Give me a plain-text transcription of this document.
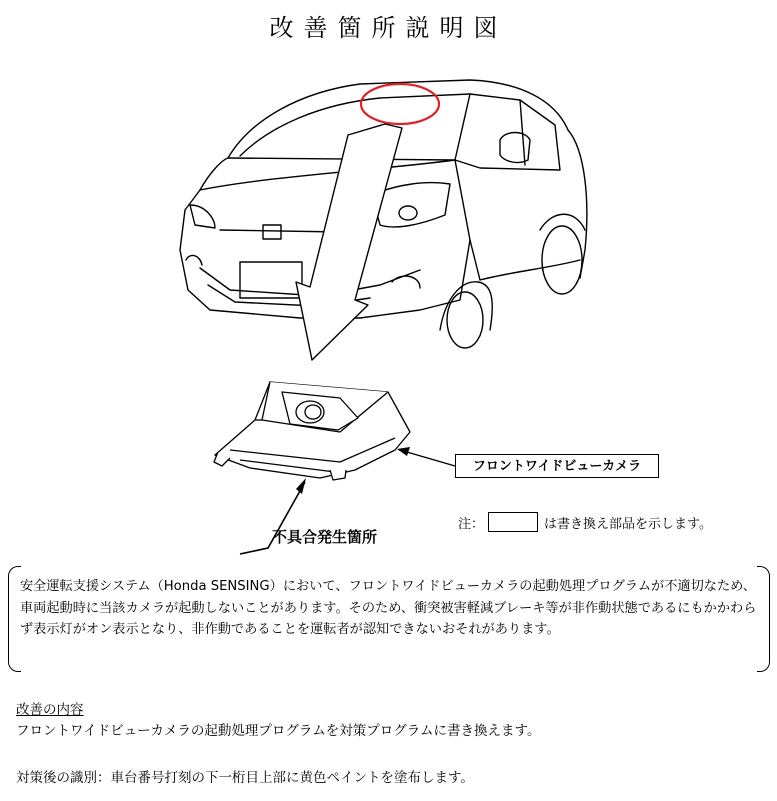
改善箇所説明図
フロントワイドビューカメラ
不具合発生箇所
注：	は書き換え部品を示します。
安全運転支援システム（Honda SENSING）において、フロントワイドビューカメラの起動処理プログラムが不適切なため、車両起動時に当該カメラが起動しないことがあります。そのため、衝突被害軽減ブレーキ等が非作動状態であるにもかかわらず表示灯がオン表示となり、非作動であることを運転者が認知できないおそれがあります。
改善の内容
フロントワイドビューカメラの起動処理プログラムを対策プログラムに書き換えます。
対策後の識別：車台番号打刻の下一桁目上部に黄色ペイントを塗布します。
